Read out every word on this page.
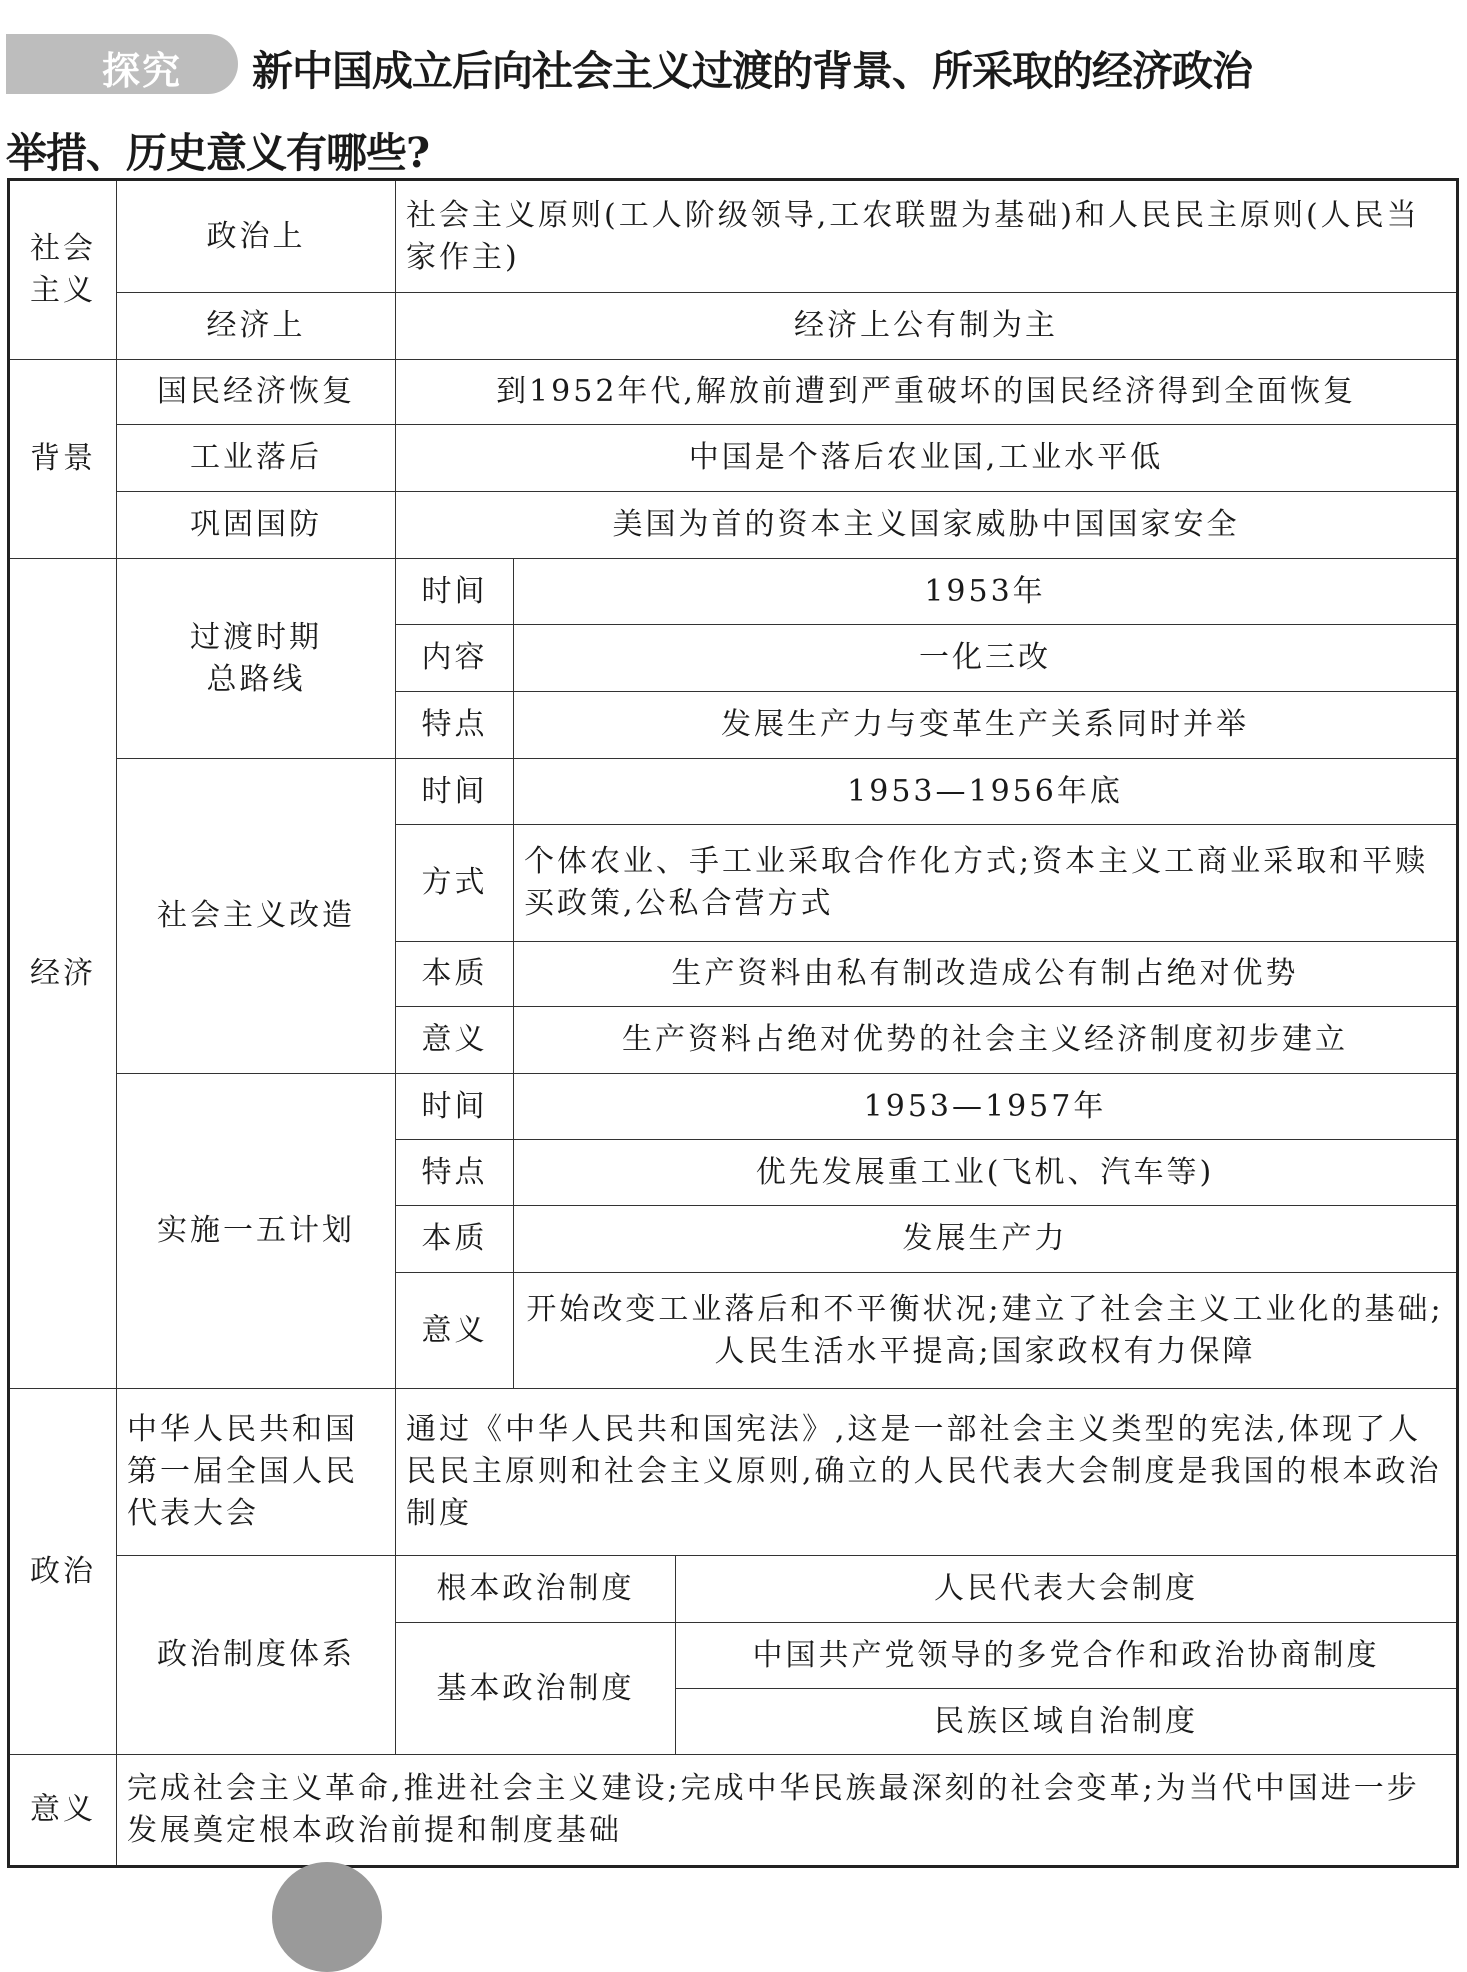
探究 新中国成立后向社会主义过渡的背景、所采取的经济政治
举措、历史意义有哪些?
社会主义	政治上	社会主义原则(工人阶级领导,工农联盟为基础)和人民民主原则(人民当家作主)		
	经济上	经济上公有制为主		
背景	国民经济恢复	到1952年代,解放前遭到严重破坏的国民经济得到全面恢复		
	工业落后	中国是个落后农业国,工业水平低		
	巩固国防	美国为首的资本主义国家威胁中国国家安全		
经济	过渡时期总路线	时间	1953年	
		内容	一化三改	
		特点	发展生产力与变革生产关系同时并举	
	社会主义改造	时间	1953—1956年底	
		方式	个体农业、手工业采取合作化方式;资本主义工商业采取和平赎买政策,公私合营方式	
		本质	生产资料由私有制改造成公有制占绝对优势	
		意义	生产资料占绝对优势的社会主义经济制度初步建立	
	实施一五计划	时间	1953—1957年	
		特点	优先发展重工业(飞机、汽车等)	
		本质	发展生产力	
		意义	开始改变工业落后和不平衡状况;建立了社会主义工业化的基础;人民生活水平提高;国家政权有力保障	
政治	中华人民共和国第一届全国人民代表大会	通过《中华人民共和国宪法》,这是一部社会主义类型的宪法,体现了人民民主原则和社会主义原则,确立的人民代表大会制度是我国的根本政治制度		
	政治制度体系	根本政治制度		人民代表大会制度
		基本政治制度		中国共产党领导的多党合作和政治协商制度
				民族区域自治制度
意义	完成社会主义革命,推进社会主义建设;完成中华民族最深刻的社会变革;为当代中国进一步发展奠定根本政治前提和制度基础			
